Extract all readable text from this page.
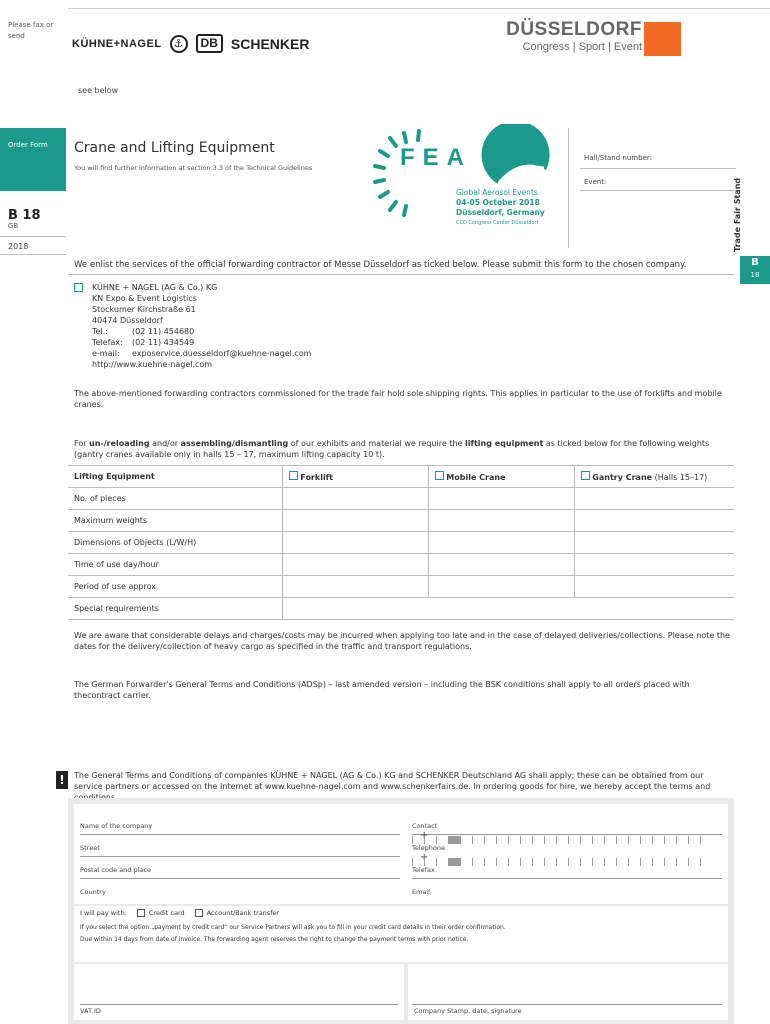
Please fax or send
KÜHNE+NAGEL	⚓	DB SCHENKER
DÜSSELDORF
Congress | Sport | Event
see below
Order Form
B 18
GB
2018
Crane and Lifting Equipment
You will find further information at section 3.3 of the Technical Guidelines	FEA
Global Aerosol Events
04-05 October 2018
Düsseldorf, Germany
CCD Congress Center Düsseldorf
Hall/Stand number:
Event:	Trade Fair Stand
B
18
We enlist the services of the official forwarding contractor of Messe Düsseldorf as ticked below. Please submit this form to the chosen company.
KÜHNE + NAGEL (AG & Co.) KG
KN Expo & Event Logistics
Stockumer Kirchstraße 61
40474 Düsseldorf
Tel.:	(02 11) 454680
Telefax:	(02 11) 434549
e-mail:	exposervice.duesseldorf@kuehne-nagel.com
http://www.kuehne-nagel.com
The above-mentioned forwarding contractors commissioned for the trade fair hold sole shipping rights. This applies in particular to the use of forklifts and mobile cranes.
For un-/reloading and/or assembling/dismantling of our exhibits and material we require the lifting equipment as ticked below for the following weights (gantry cranes available only in halls 15 – 17, maximum lifting capacity 10 t).
Lifting Equipment	Forklift	Mobile Crane	Gantry Crane (Halls 15–17)
No. of pieces			
Maximum weights			
Dimensions of Objects (L/W/H)			
Time of use day/hour			
Period of use approx			
Special requirements			
We are aware that considerable delays and charges/costs may be incurred when applying too late and in the case of delayed deliveries/collections. Please note the dates for the delivery/collection of heavy cargo as specified in the traffic and transport regulations.
The German Forwarder's General Terms and Conditions (ADSp) – last amended version – including the BSK conditions shall apply to all orders placed with thecontract carrier.
!	The General Terms and Conditions of companies KÜHNE + NAGEL (AG & Co.) KG and SCHENKER Deutschland AG shall apply; these can be obtained from our service partners or accessed on the Internet at www.kuehne-nagel.com and www.schenkerfairs.de. In ordering goods for hire, we hereby accept the terms and
Name of the company	Contact
+
Street	Telephone
+
Postal code and place	Telefax
Country	Email
VAT ID	Company Stamp, date, signature
I will pay with:	Credit card	Account/Bank transfer
If you select the option „payment by credit card“ our Service Partners will ask you to fill in your credit card details in their order confirmation.
Due within 14 days from date of invoice. The forwarding agent reserves the right to change the payment terms with prior notice.
